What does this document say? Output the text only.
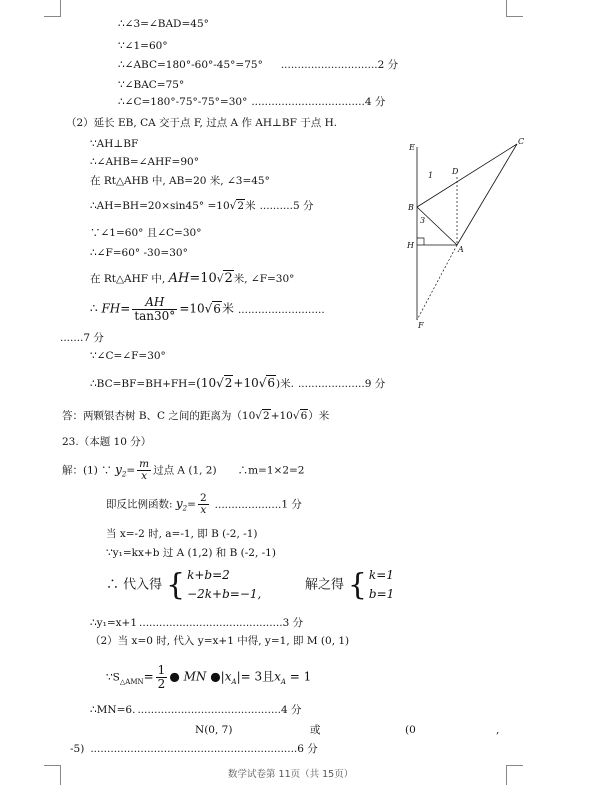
∴∠3=∠BAD=45°
∵∠1=60°
∴∠ABC=180°-60°-45°=75° .............................2 分
∵∠BAC=75°
∴∠C=180°-75°-75°=30° ..................................4 分
（2）延长 EB, CA 交于点 F, 过点 A 作 AH⊥BF 于点 H.
∵AH⊥BF
∴∠AHB=∠AHF=90°
在 Rt△AHB 中, AB=20 米, ∠3=45°
∴AH=BH=20×sin45° =10√2米 ..........5 分
∵∠1=60° 且∠C=30°
∴∠F=60° -30=30°
在 Rt△AHF 中, AH=10√2米, ∠F=30°
∴ $FH= \frac{AH}{\tan 30^\circ} =10√6$米 ..........................
.......7 分
∵∠C=∠F=30°
∴BC=BF=BH+FH=(10√2+10√6)米. ....................9 分
答：两颗银杏树 B、C 之间的距离为（10√2+10√6）米
23.（本题 10 分）
解：(1) ∵ $y_2= \frac{m}{x}$ 过点 A (1, 2)　　∴m=1×2=2
即反比例函数: $y_2= \frac{2}{x} ....................1$ 分
当 x=-2 时, a=-1, 即 B (-2, -1)
∵y₁=kx+b 过 A (1,2) 和 B (-2, -1)
∴ 代入得 { k+b=2
−2k+b=−1,
解之得 { k=1
b=1
∴y₁=x+1 ...........................................3 分
（2）当 x=0 时, 代入 y=x+1 中得, y=1, 即 M (0, 1)
$\because S_{\triangle AMN}= \frac{1}{2}$ ● MN $●|x_A|= 3$且$x_A = 1$
∴MN=6. ...........................................4 分
N(0, 7)	或	(0	,
-5) ..............................................................6 分
数学试卷第 11页（共 15页）
E
C
D
1
B
3
H	A
F
